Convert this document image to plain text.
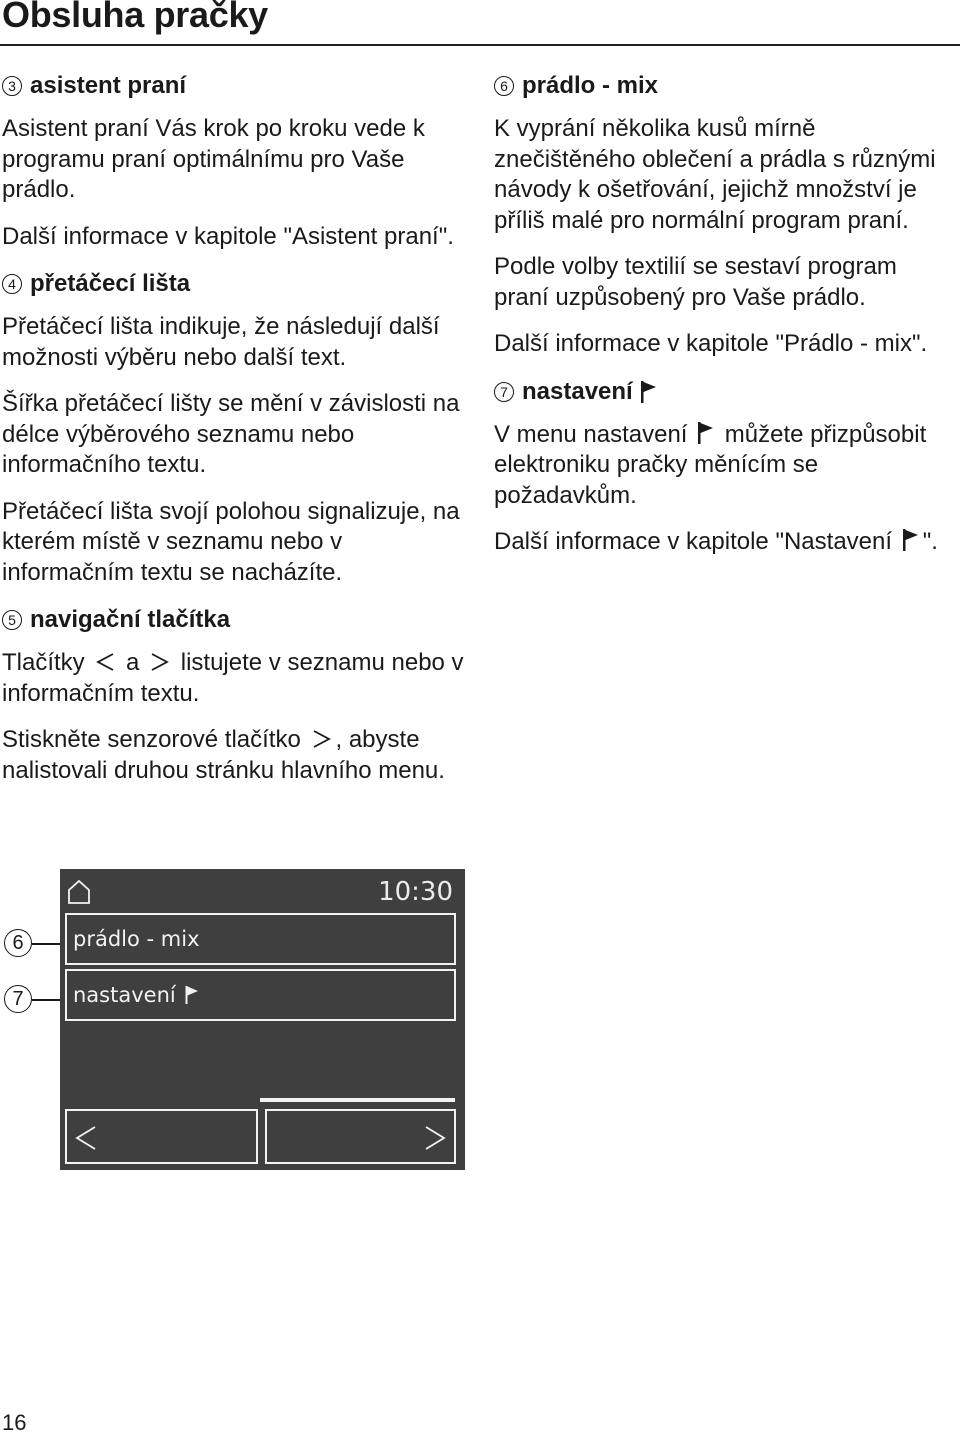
Obsluha pračky
3 asistent praní

Asistent praní Vás krok po kroku vede k programu praní optimálnímu pro Vaše prádlo.

Další informace v kapitole "Asistent praní".

4 přetáčecí lišta

Přetáčecí lišta indikuje, že následují další možnosti výběru nebo další text.

Šířka přetáčecí lišty se mění v závislosti na délce výběrového seznamu nebo informačního textu.

Přetáčecí lišta svojí polohou signalizuje, na kterém místě v seznamu nebo v informačním textu se nacházíte.

5 navigační tlačítka

Tlačítky a listujete v seznamu nebo v informačním textu.

Stiskněte senzorové tlačítko , abyste nalistovali druhou stránku hlavního menu.

6 prádlo - mix

K vyprání několika kusů mírně znečištěného oblečení a prádla s různými návody k ošetřování, jejichž množství je příliš malé pro normální program praní.

Podle volby textilií se sestaví program praní uzpůsobený pro Vaše prádlo.

Další informace v kapitole "Prádlo - mix".

7 nastavení

V menu nastavení můžete přizpůsobit elektroniku pračky měnícím se požadavkům.

Další informace v kapitole "Nastavení ".

6
7
10:30
prádlo - mix
nastavení
16
